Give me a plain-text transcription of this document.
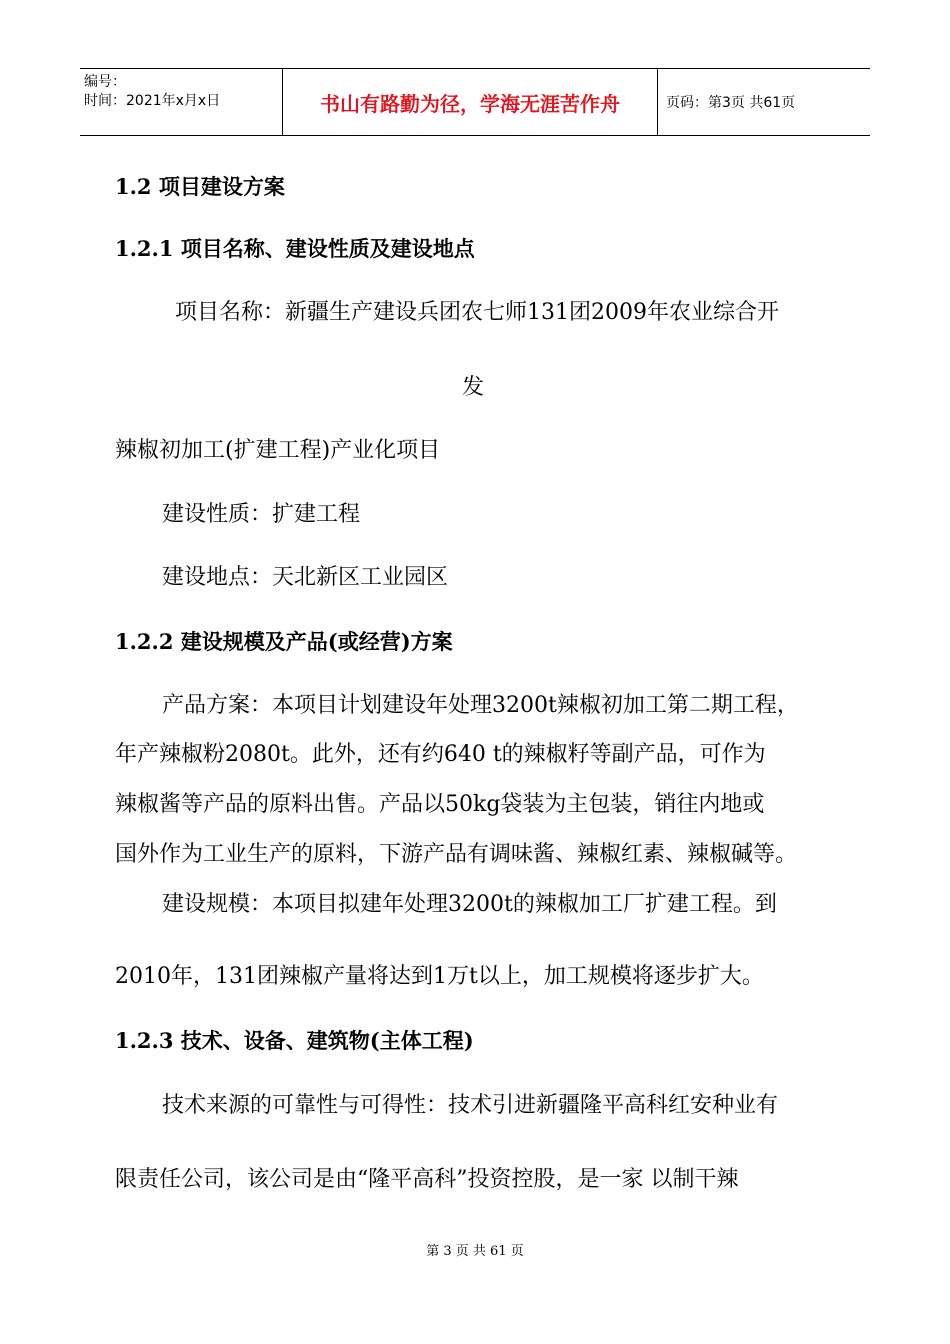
编号：
时间：2021年x月x日	书山有路勤为径，学海无涯苦作舟	页码：第3页 共61页
1.2 项目建设方案
1.2.1 项目名称、建设性质及建设地点
项目名称：新疆生产建设兵团农七师131团2009年农业综合开
发
辣椒初加工(扩建工程)产业化项目
建设性质：扩建工程
建设地点：天北新区工业园区
1.2.2 建设规模及产品(或经营)方案
产品方案：本项目计划建设年处理3200t辣椒初加工第二期工程，
年产辣椒粉2080t。此外，还有约640 t的辣椒籽等副产品，可作为
辣椒酱等产品的原料出售。产品以50kg袋装为主包装，销往内地或
国外作为工业生产的原料，下游产品有调味酱、辣椒红素、辣椒碱等。
建设规模：本项目拟建年处理3200t的辣椒加工厂扩建工程。到
2010年，131团辣椒产量将达到1万t以上，加工规模将逐步扩大。
1.2.3 技术、设备、建筑物(主体工程)
技术来源的可靠性与可得性：技术引进新疆隆平高科红安种业有
限责任公司，该公司是由“隆平高科”投资控股，是一家 以制干辣
第 3 页 共 61 页
